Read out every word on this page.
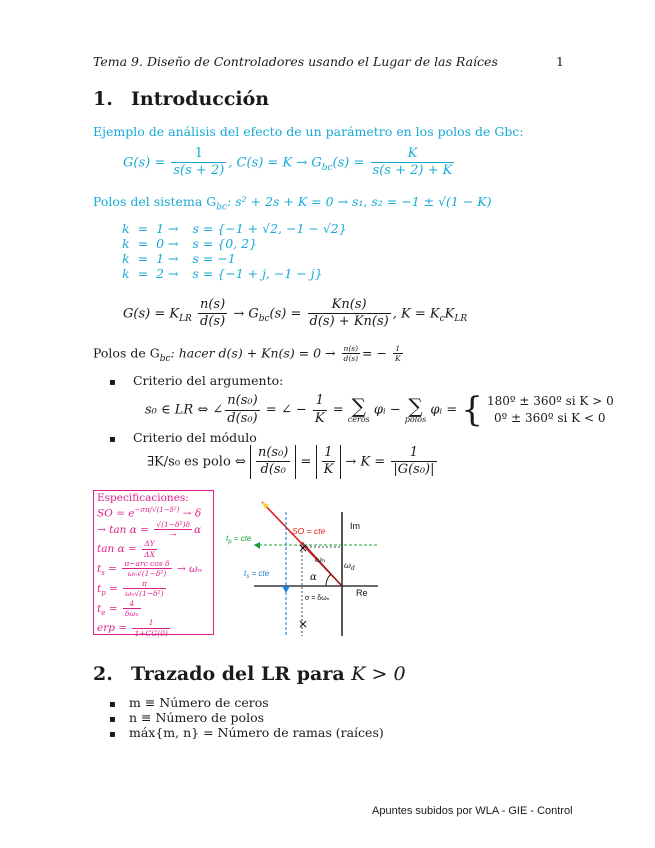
Tema 9. Diseño de Controladores usando el Lugar de las Raíces	1
1. Introducción
Ejemplo de análisis del efecto de un parámetro en los polos de Gbc:
$G(s) = \frac{1}{s(s + 2)}$ , $C(s) = K \to G_{bc}(s) = \frac{K}{s(s + 2) + K}$
Polos del sistema $G_{bc}$: s² + 2s + K = 0 → s₁, s₂ = −1 ± √(1 − K)
k	=	1 →	s = {−1 + √2, −1 − √2}
k	=	0 →	s = {0, 2}
k	=	1 →	s = −1
k	=	2 →	s = {−1 + j, −1 − j}
$G(s) = K_{LR} \frac{n(s)}{d(s)} \to G_{bc}(s) = \frac{Kn(s)}{d(s) + Kn(s)}$ , $K = K_cK_{LR}$
Polos de $G_{bc}$: hacer $d(s) + Kn(s) = 0 \to \frac{n(s)}{d(s)}$ = − $\frac{1}{K}$
▪ Criterio del argumento:
s₀ ∈ LR ⇔ ∠ $\frac{\text{n(s₀)}}{\text{d(s₀)}}$ = ∠ − $\frac{1}{K}$ = ∑
ceros
φᵢ − ∑
polos
φᵢ = { 180º ± 360º si K > 0
0º ± 360º si K < 0
▪ Criterio del módulo
∃K/s₀ es polo ⇔ $\frac{\text{n(s₀)}}{\text{d(s₀}} = \frac{1}{K} \to K = \frac{1}{\text{|G(s₀)|}}$
Especificaciones:
SO = $e^{-\sigma\pi/√(1-\delta^2)} \to \delta$
→ $\tan \alpha = \frac{\text{√(1−δ²)δ}}{\to}$ α
$\tan \alpha = \frac{\Delta Y}{\Delta X}$
$t_s = \frac{\text{π−arc cos δ}}{\text{ωₙ√(1−δ²)}} \to \omega_n$
$t_p = \frac{\pi}{\text{ωₙ√(1−δ²)}}$
$t_e = \frac{4}{\text{δωₙ}}$
erp = $\frac{1}{1+CG(0)}$
×
×
SO = cte	Im
Re
$t_p$ = cte
$t_s$ = cte
ωₙ
$\omega_d$
α
σ = δωₙ
2. Trazado del LR para K > 0
▪ m ≡ Número de ceros
▪ n ≡ Número de polos
▪ máx{m, n} = Número de ramas (raíces)
Apuntes subidos por WLA - GIE - Control
